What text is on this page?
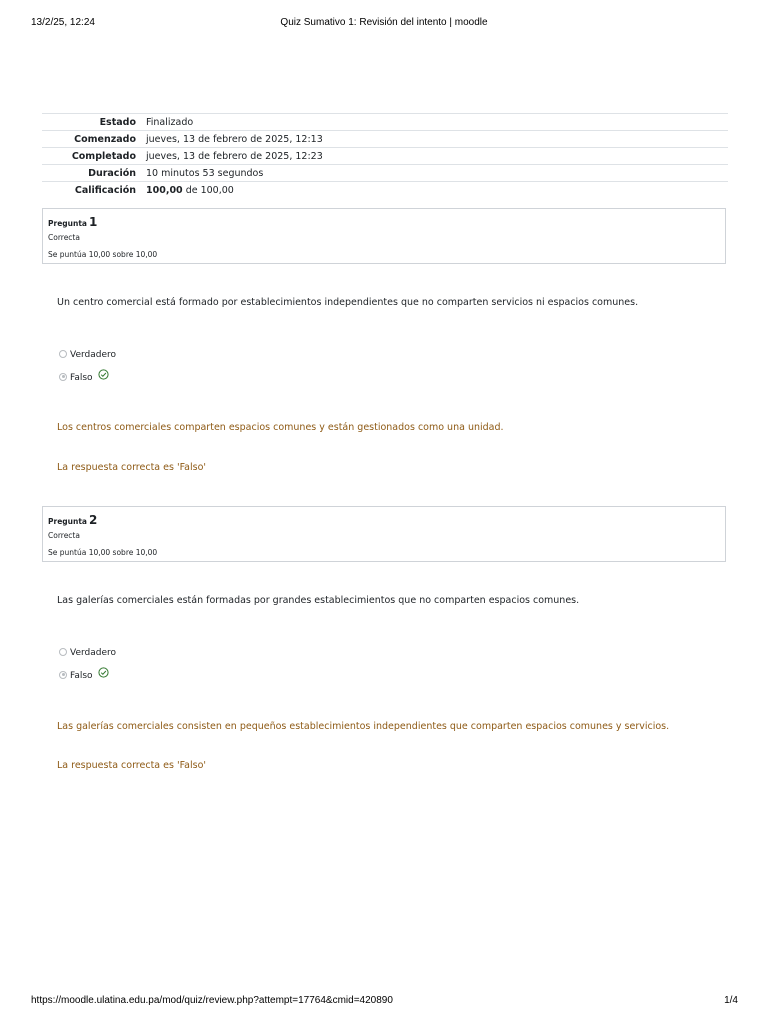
13/2/25, 12:24	Quiz Sumativo 1: Revisión del intento | moodle
Estado	Finalizado
Comenzado	jueves, 13 de febrero de 2025, 12:13
Completado	jueves, 13 de febrero de 2025, 12:23
Duración	10 minutos 53 segundos
Calificación	100,00 de 100,00
Pregunta 1
Correcta
Se puntúa 10,00 sobre 10,00
Un centro comercial está formado por establecimientos independientes que no comparten servicios ni espacios comunes.
Verdadero
Falso
Los centros comerciales comparten espacios comunes y están gestionados como una unidad.
La respuesta correcta es 'Falso'
Pregunta 2
Correcta
Se puntúa 10,00 sobre 10,00
Las galerías comerciales están formadas por grandes establecimientos que no comparten espacios comunes.
Verdadero
Falso
Las galerías comerciales consisten en pequeños establecimientos independientes que comparten espacios comunes y servicios.
La respuesta correcta es 'Falso'
https://moodle.ulatina.edu.pa/mod/quiz/review.php?attempt=17764&cmid=420890	1/4
